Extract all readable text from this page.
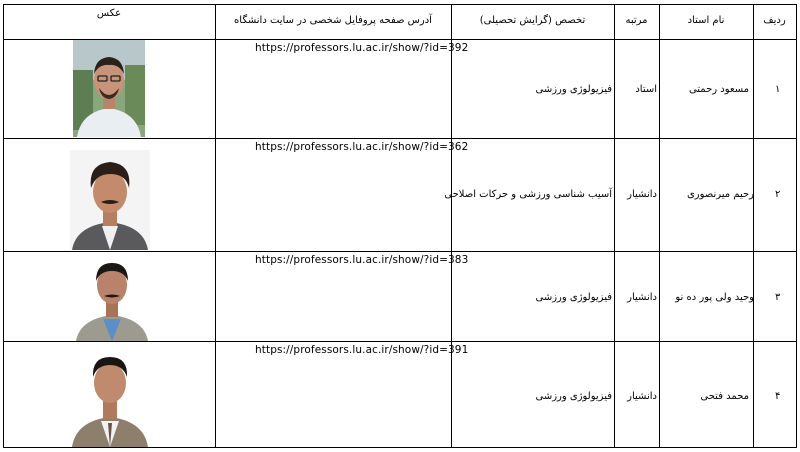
ردیف
نام استاد
مرتبه
تخصص (گرایش تحصیلی)
آدرس صفحه پروفایل شخصی در سایت دانشگاه
عکس
۱
مسعود رحمتی
استاد
فیزیولوژی ورزشی
https://professors.lu.ac.ir/show/?id=392
۲
رحیم میرنصوری
دانشیار
آسیب شناسی ورزشی و حرکات اصلاحی
https://professors.lu.ac.ir/show/?id=362
۳
وحید ولی پور ده نو
دانشیار
فیزیولوژی ورزشی
https://professors.lu.ac.ir/show/?id=383
۴
محمد فتحی
دانشیار
فیزیولوژی ورزشی
https://professors.lu.ac.ir/show/?id=391
